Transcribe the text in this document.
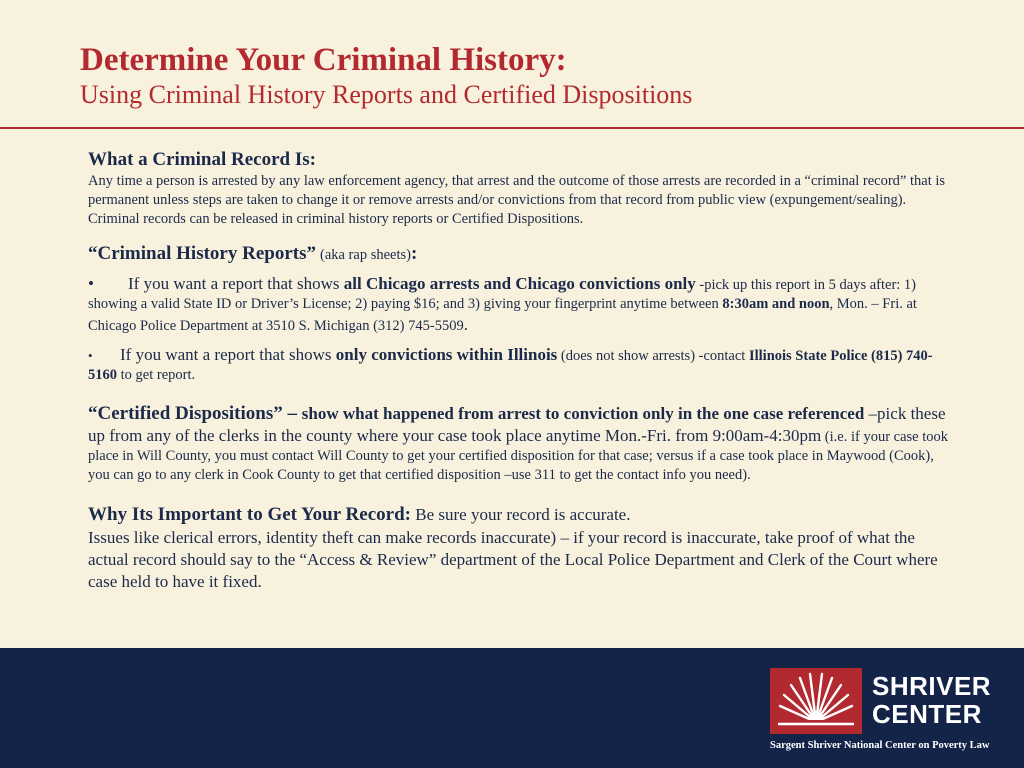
Determine Your Criminal History:
Using Criminal History Reports and Certified Dispositions
What a Criminal Record Is:
Any time a person is arrested by any law enforcement agency, that arrest and the outcome of those arrests are recorded in a “criminal record” that is permanent unless steps are taken to change it or remove arrests and/or convictions from that record from public view (expungement/sealing). Criminal records can be released in criminal history reports or Certified Dispositions.
“Criminal History Reports” (aka rap sheets):
• If you want a report that shows all Chicago arrests and Chicago convictions only -pick up this report in 5 days after: 1) showing a valid State ID or Driver’s License; 2) paying $16; and 3) giving your fingerprint anytime between 8:30am and noon, Mon. – Fri. at Chicago Police Department at 3510 S. Michigan (312) 745-5509.
• If you want a report that shows only convictions within Illinois (does not show arrests) -contact Illinois State Police (815) 740-5160 to get report.
“Certified Dispositions” – show what happened from arrest to conviction only in the one case referenced –pick these up from any of the clerks in the county where your case took place anytime Mon.-Fri. from 9:00am-4:30pm (i.e. if your case took place in Will County, you must contact Will County to get your certified disposition for that case; versus if a case took place in Maywood (Cook), you can go to any clerk in Cook County to get that certified disposition –use 311 to get the contact info you need).
Why Its Important to Get Your Record: Be sure your record is accurate.
Issues like clerical errors, identity theft can make records inaccurate) – if your record is inaccurate, take proof of what the actual record should say to the “Access & Review” department of the Local Police Department and Clerk of the Court where case held to have it fixed.
SHRIVER
CENTER
Sargent Shriver National Center on Poverty Law
